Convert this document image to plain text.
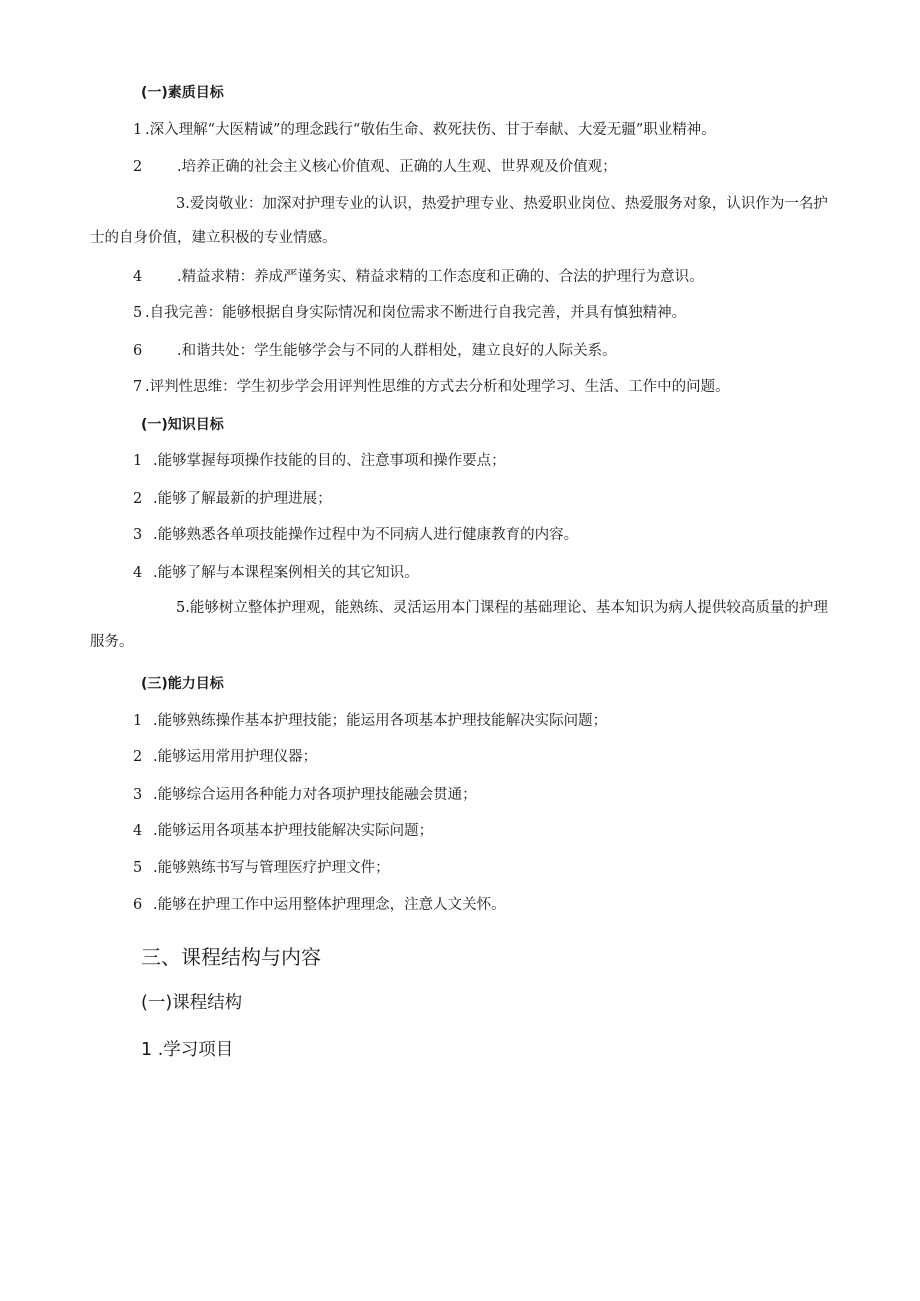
(一)素质目标
1 .深入理解“大医精诚”的理念践行“敬佑生命、救死扶伤、甘于奉献、大爱无疆”职业精神。
2 .培养正确的社会主义核心价值观、正确的人生观、世界观及价值观；
3.爱岗敬业：加深对护理专业的认识，热爱护理专业、热爱职业岗位、热爱服务对象，认识作为一名护士的自身价值，建立积极的专业情感。
4 .精益求精：养成严谨务实、精益求精的工作态度和正确的、合法的护理行为意识。
5 .自我完善：能够根据自身实际情况和岗位需求不断进行自我完善，并具有慎独精神。
6 .和谐共处：学生能够学会与不同的人群相处，建立良好的人际关系。
7 .评判性思维：学生初步学会用评判性思维的方式去分析和处理学习、生活、工作中的问题。
(一)知识目标
1 .能够掌握每项操作技能的目的、注意事项和操作要点；
2 .能够了解最新的护理进展；
3 .能够熟悉各单项技能操作过程中为不同病人进行健康教育的内容。
4 .能够了解与本课程案例相关的其它知识。
5.能够树立整体护理观，能熟练、灵活运用本门课程的基础理论、基本知识为病人提供较高质量的护理服务。
(三)能力目标
1 .能够熟练操作基本护理技能；能运用各项基本护理技能解决实际问题；
2 .能够运用常用护理仪器；
3 .能够综合运用各种能力对各项护理技能融会贯通；
4 .能够运用各项基本护理技能解决实际问题；
5 .能够熟练书写与管理医疗护理文件；
6 .能够在护理工作中运用整体护理理念，注意人文关怀。
三、课程结构与内容
(一)课程结构
1 .学习项目
